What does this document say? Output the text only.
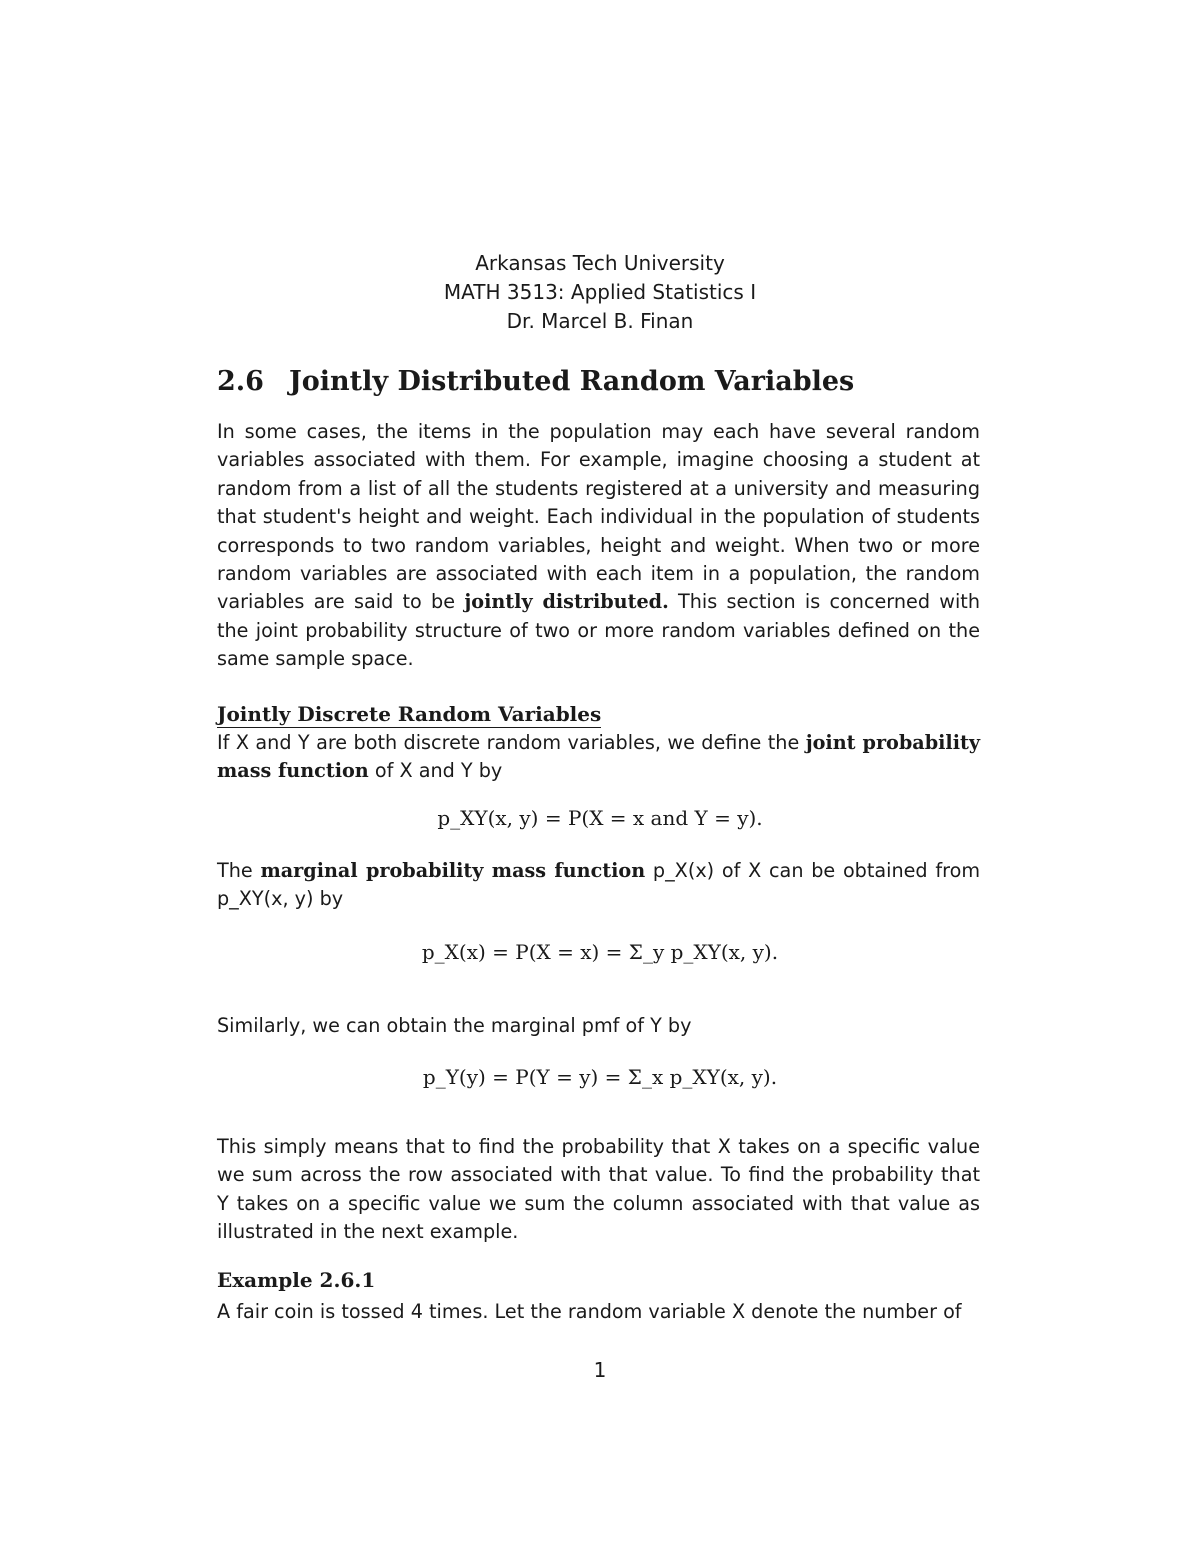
Arkansas Tech University
MATH 3513: Applied Statistics I
Dr. Marcel B. Finan
2.6 Jointly Distributed Random Variables

In some cases, the items in the population may each have several random variables associated with them. For example, imagine choosing a student at random from a list of all the students registered at a university and measuring that student's height and weight. Each individual in the population of students corresponds to two random variables, height and weight. When two or more random variables are associated with each item in a population, the random variables are said to be jointly distributed. This section is concerned with the joint probability structure of two or more random variables defined on the same sample space.

Jointly Discrete Random Variables

If X and Y are both discrete random variables, we define the joint probability mass function of X and Y by

p_XY(x, y) = P(X = x and Y = y).

The marginal probability mass function p_X(x) of X can be obtained from p_XY(x, y) by

p_X(x) = P(X = x) = Σ_y p_XY(x, y).

Similarly, we can obtain the marginal pmf of Y by

p_Y(y) = P(Y = y) = Σ_x p_XY(x, y).

This simply means that to find the probability that X takes on a specific value we sum across the row associated with that value. To find the probability that Y takes on a specific value we sum the column associated with that value as illustrated in the next example.

Example 2.6.1

A fair coin is tossed 4 times. Let the random variable X denote the number of

1
